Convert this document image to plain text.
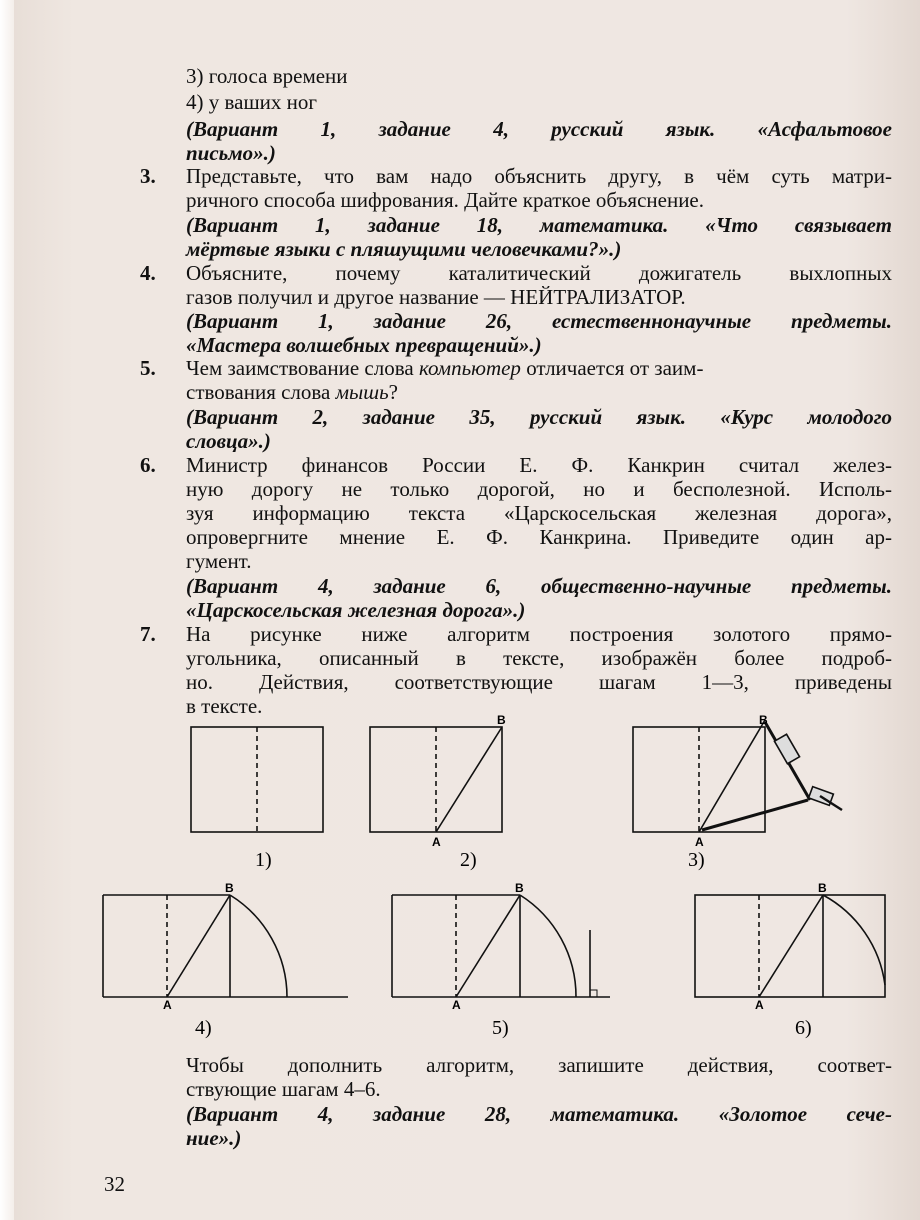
3) голоса времени
4) у ваших ног
(Вариант 1, задание 4, русский язык. «Асфальтовое
письмо».)
3. Представьте, что вам надо объяснить другу, в чём суть матри-
ричного способа шифрования. Дайте краткое объяснение.
(Вариант 1, задание 18, математика. «Что связывает
мёртвые языки с пляшущими человечками?».)
4. Объясните, почему каталитический дожигатель выхлопных
газов получил и другое название — НЕЙТРАЛИЗАТОР.
(Вариант 1, задание 26, естественнонаучные предметы.
«Мастера волшебных превращений».)
5. Чем заимствование слова компьютер отличается от заим-
ствования слова мышь?
(Вариант 2, задание 35, русский язык. «Курс молодого
словца».)
6. Министр финансов России Е. Ф. Канкрин считал желез-
ную дорогу не только дорогой, но и бесполезной. Исполь-
зуя информацию текста «Царскосельская железная дорога»,
опровергните мнение Е. Ф. Канкрина. Приведите один ар-
гумент.
(Вариант 4, задание 6, общественно-научные предметы.
«Царскосельская железная дорога».)
7. На рисунке ниже алгоритм построения золотого прямо-
угольника, описанный в тексте, изображён более подроб-
но. Действия, соответствующие шагам 1—3, приведены
в тексте.
B
A
B
A
B
A
B
A
B
A
1)	2)	3)
4)	5)	6)
Чтобы дополнить алгоритм, запишите действия, соответ-
ствующие шагам 4–6.
(Вариант 4, задание 28, математика. «Золотое сече-
ние».)
32
